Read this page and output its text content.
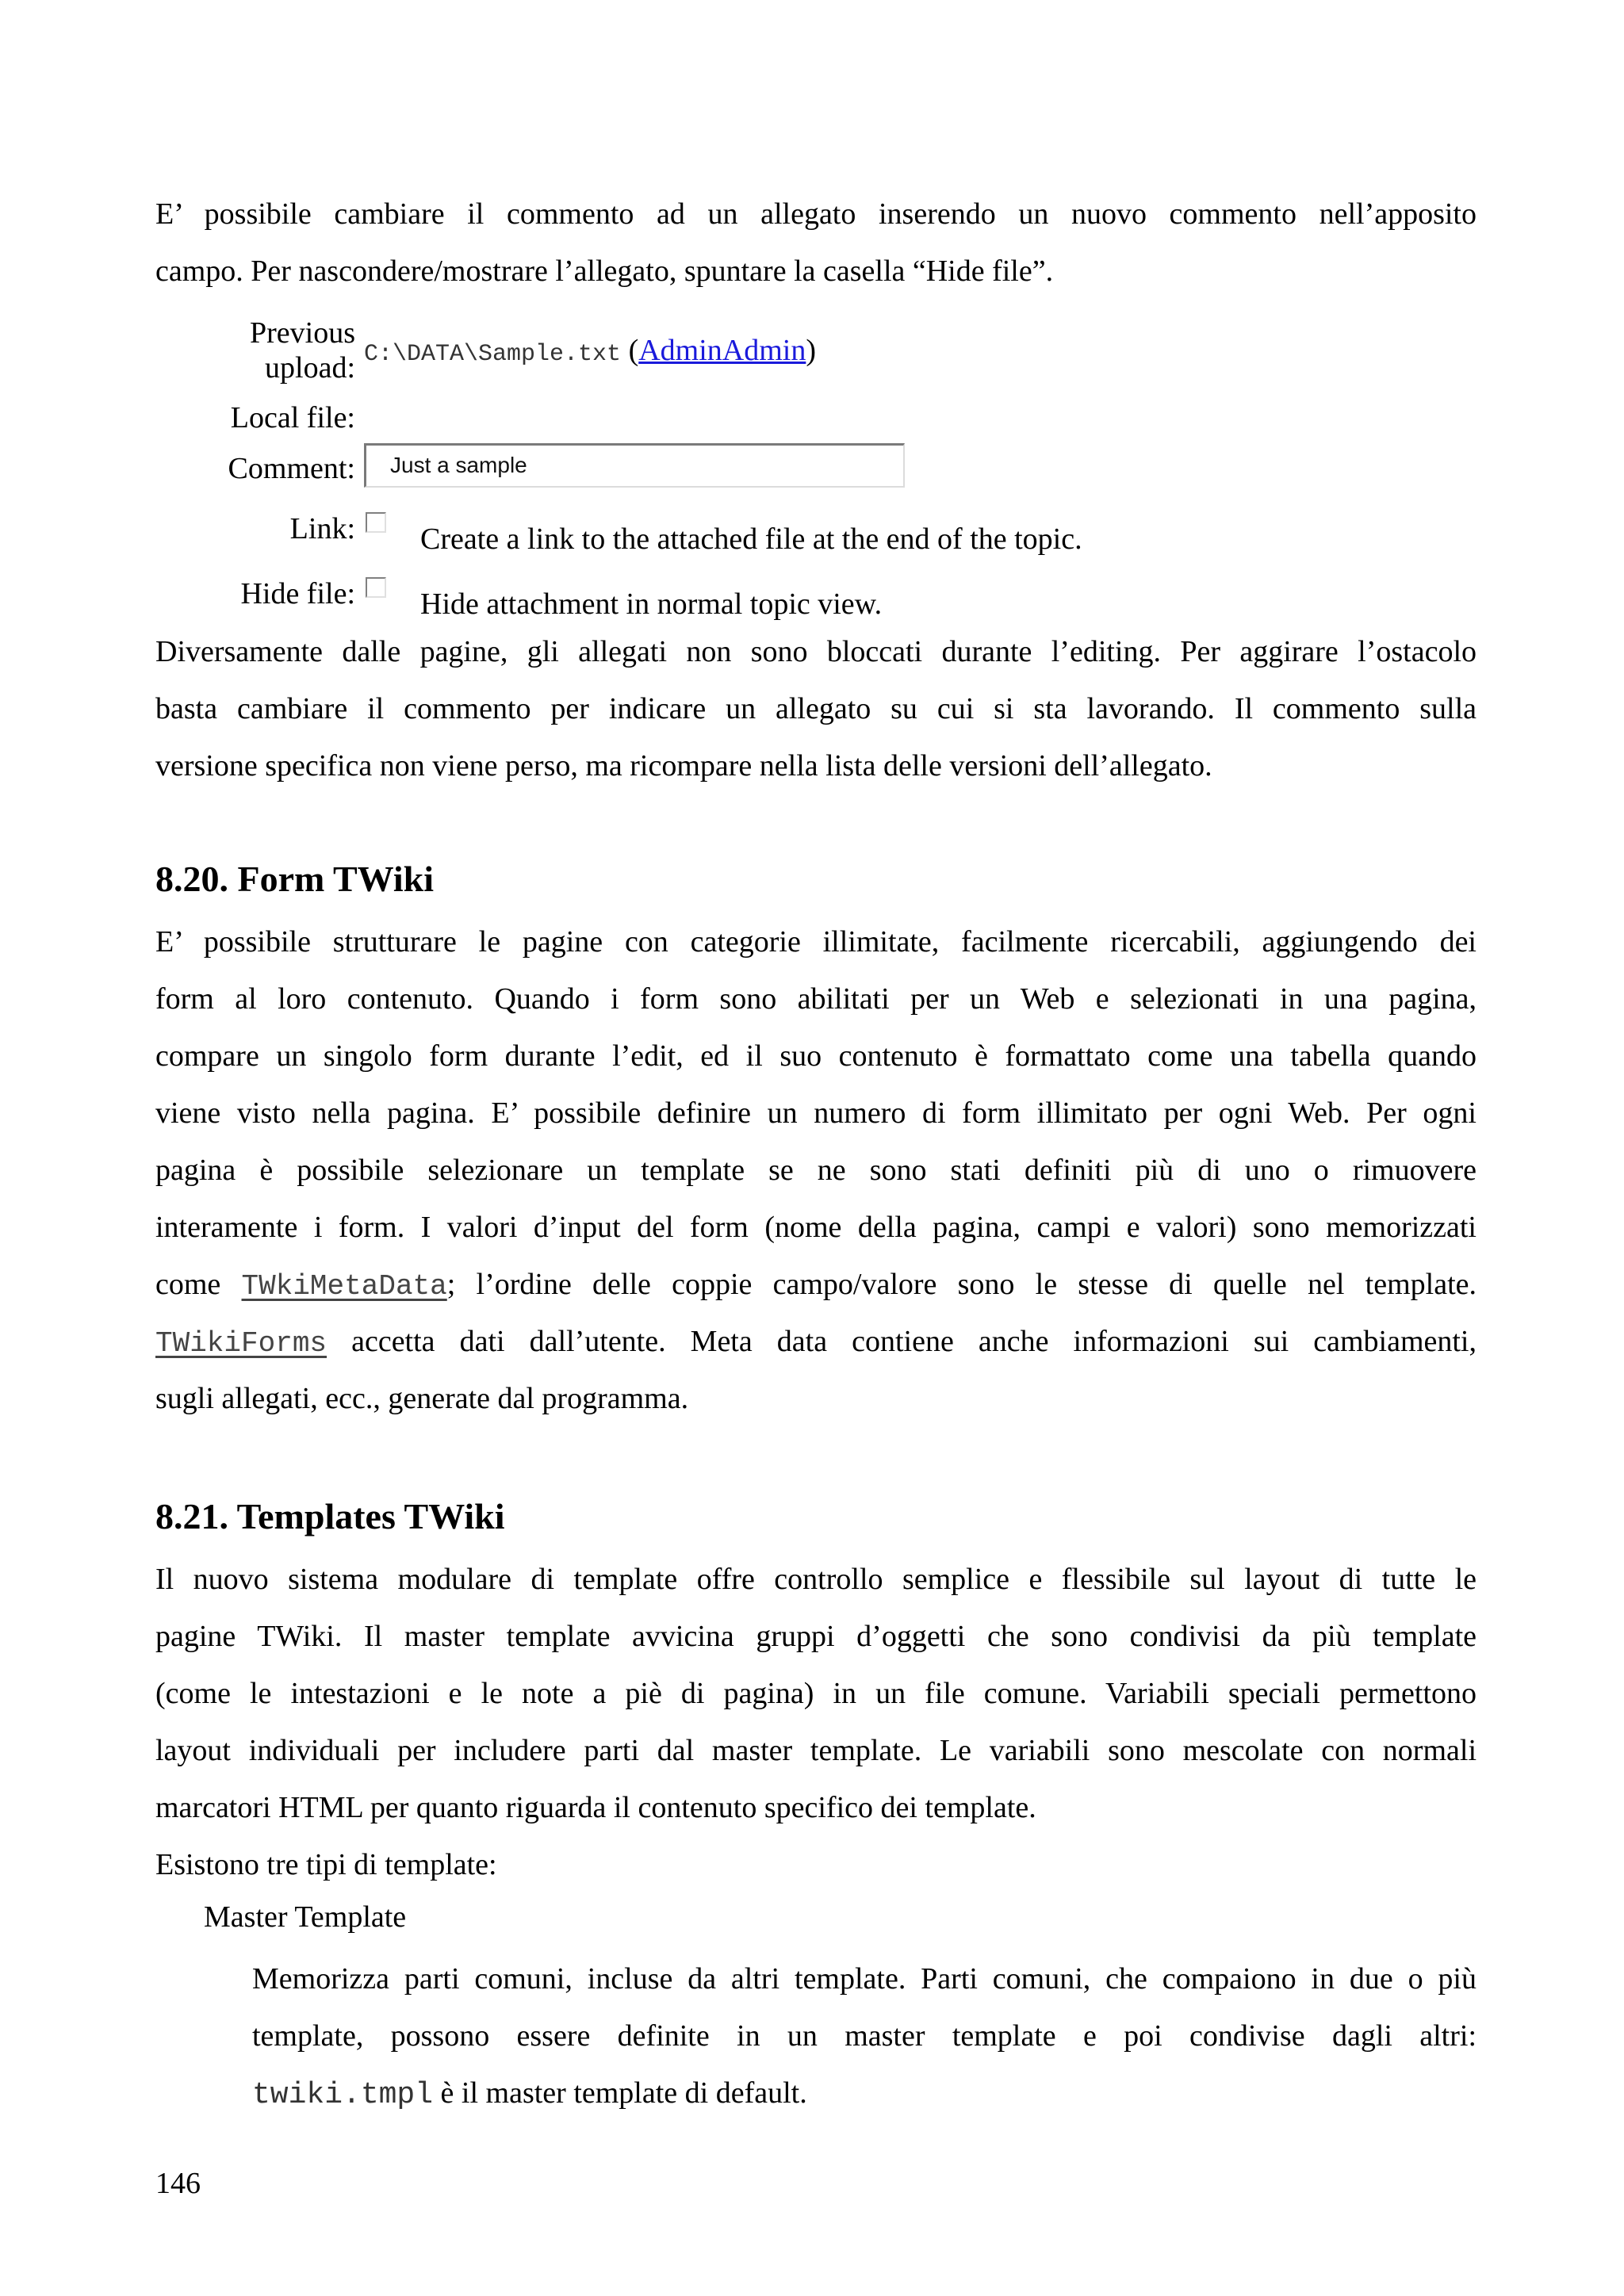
E’ possibile cambiare il commento ad un allegato inserendo un nuovo commento nell’apposito
campo. Per nascondere/mostrare l’allegato, spuntare la casella “Hide file”.
Previous
upload: C:\DATA\Sample.txt (AdminAdmin)
Local file:
Comment:	Just a sample
Link: Create a link to the attached file at the end of the topic.
Hide file: Hide attachment in normal topic view.
Diversamente dalle pagine, gli allegati non sono bloccati durante l’editing. Per aggirare l’ostacolo
basta cambiare il commento per indicare un allegato su cui si sta lavorando. Il commento sulla
versione specifica non viene perso, ma ricompare nella lista delle versioni dell’allegato.
8.20. Form TWiki
E’ possibile strutturare le pagine con categorie illimitate, facilmente ricercabili, aggiungendo dei
form al loro contenuto. Quando i form sono abilitati per un Web e selezionati in una pagina,
compare un singolo form durante l’edit, ed il suo contenuto è formattato come una tabella quando
viene visto nella pagina. E’ possibile definire un numero di form illimitato per ogni Web. Per ogni
pagina è possibile selezionare un template se ne sono stati definiti più di uno o rimuovere
interamente i form. I valori d’input del form (nome della pagina, campi e valori) sono memorizzati
come TWkiMetaData; l’ordine delle coppie campo/valore sono le stesse di quelle nel template.
TWikiForms accetta dati dall’utente. Meta data contiene anche informazioni sui cambiamenti,
sugli allegati, ecc., generate dal programma.
8.21. Templates TWiki
Il nuovo sistema modulare di template offre controllo semplice e flessibile sul layout di tutte le
pagine TWiki. Il master template avvicina gruppi d’oggetti che sono condivisi da più template
(come le intestazioni e le note a piè di pagina) in un file comune. Variabili speciali permettono
layout individuali per includere parti dal master template. Le variabili sono mescolate con normali
marcatori HTML per quanto riguarda il contenuto specifico dei template.
Esistono tre tipi di template:
Master Template
Memorizza parti comuni, incluse da altri template. Parti comuni, che compaiono in due o più
template, possono essere definite in un master template e poi condivise dagli altri:
twiki.tmpl è il master template di default.
146
